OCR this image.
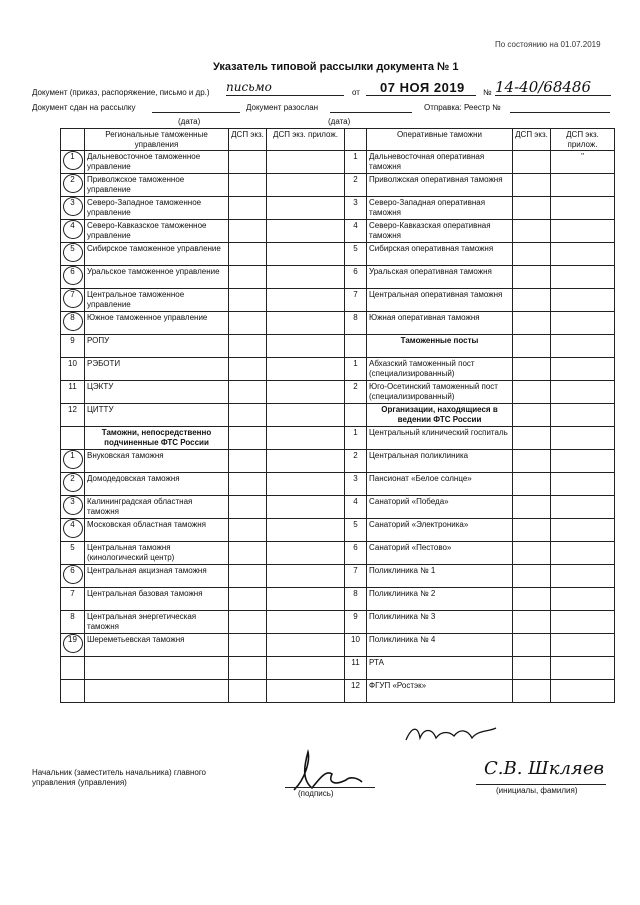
По состоянию на 01.07.2019
Указатель типовой рассылки документа № 1
Документ (приказ, распоряжение, письмо и др.) письмо	от	07 НОЯ 2019	№ 14-40/68486
Документ сдан на рассылку	Документ разослан	Отправка: Реестр №
(дата)	(дата)
	Региональные таможенные управления	ДСП экз.	ДСП экз. прилож.		Оперативные таможни	ДСП экз.	ДСП экз. прилож.
1	Дальневосточное таможенное управление			1	Дальневосточная оперативная таможня		"
2	Приволжское таможенное управление			2	Приволжская оперативная таможня		
3	Северо-Западное таможенное управление			3	Северо-Западная оперативная таможня		
4	Северо-Кавказское таможенное управление			4	Северо-Кавказская оперативная таможня		
5	Сибирское таможенное управление			5	Сибирская оперативная таможня		
6	Уральское таможенное управление			6	Уральская оперативная таможня		
7	Центральное таможенное управление			7	Центральная оперативная таможня		
8	Южное таможенное управление			8	Южная оперативная таможня		
9	РОПУ				Таможенные посты		
10	РЭБОТИ			1	Абхазский таможенный пост (специализированный)		
11	ЦЭКТУ			2	Юго-Осетинский таможенный пост (специализированный)		
12	ЦИТТУ				Организации, находящиеся в ведении ФТС России		
	Таможни, непосредственно подчиненные ФТС России			1	Центральный клинический госпиталь		
1	Внуковская таможня			2	Центральная поликлиника		
2	Домодедовская таможня			3	Пансионат «Белое солнце»		
3	Калининградская областная таможня			4	Санаторий «Победа»		
4	Московская областная таможня			5	Санаторий «Электроника»		
5	Центральная таможня (кинологический центр)			6	Санаторий «Пестово»		
6	Центральная акцизная таможня			7	Поликлиника № 1		
7	Центральная базовая таможня			8	Поликлиника № 2		
8	Центральная энергетическая таможня			9	Поликлиника № 3		
19	Шереметьевская таможня			10	Поликлиника № 4		
				11	РТА		
				12	ФГУП «Ростэк»		
Начальник (заместитель начальника) главного управления (управления)
(подпись)
С.В. Шкляев
(инициалы, фамилия)
